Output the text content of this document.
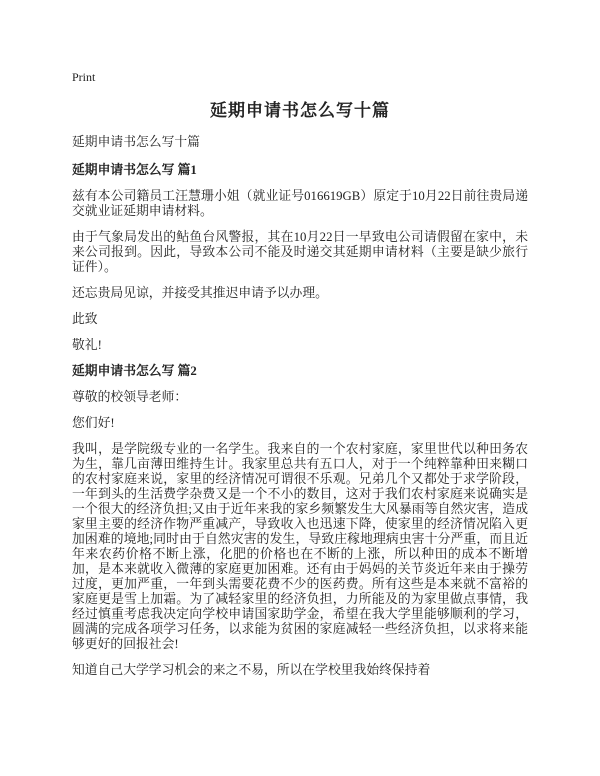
Print
延期申请书怎么写十篇

延期申请书怎么写十篇

延期申请书怎么写 篇1

兹有本公司籍员工汪慧珊小姐（就业证号016619GB）原定于10月22日前往贵局递交就业证延期申请材料。

由于气象局发出的鲇鱼台风警报，其在10月22日一早致电公司请假留在家中，未来公司报到。因此，导致本公司不能及时递交其延期申请材料（主要是缺少旅行证件）。

还忘贵局见谅，并接受其推迟申请予以办理。

此致

敬礼!

延期申请书怎么写 篇2

尊敬的校领导老师：

您们好!

我叫，是学院级专业的一名学生。我来自的一个农村家庭，家里世代以种田务农为生，靠几亩薄田维持生计。我家里总共有五口人，对于一个纯粹靠种田来糊口的农村家庭来说，家里的经济情况可谓很不乐观。兄弟几个又都处于求学阶段，一年到头的生活费学杂费又是一个不小的数目，这对于我们农村家庭来说确实是一个很大的经济负担;又由于近年来我的家乡频繁发生大风暴雨等自然灾害，造成家里主要的经济作物严重减产，导致收入也迅速下降，使家里的经济情况陷入更加困难的境地;同时由于自然灾害的发生，导致庄稼地理病虫害十分严重，而且近年来农药价格不断上涨，化肥的价格也在不断的上涨，所以种田的成本不断增加，是本来就收入微薄的家庭更加困难。还有由于妈妈的关节炎近年来由于操劳过度，更加严重，一年到头需要花费不少的医药费。所有这些是本来就不富裕的家庭更是雪上加霜。为了减轻家里的经济负担，力所能及的为家里做点事情，我经过慎重考虑我决定向学校申请国家助学金，希望在我大学里能够顺利的学习，圆满的完成各项学习任务，以求能为贫困的家庭减轻一些经济负担，以求将来能够更好的回报社会!

知道自己大学学习机会的来之不易，所以在学校里我始终保持着
